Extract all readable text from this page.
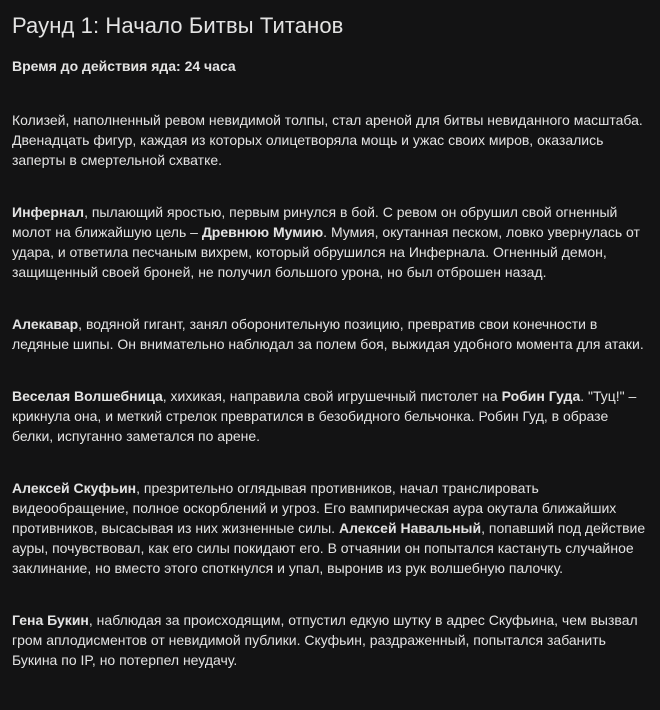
Раунд 1: Начало Битвы Титанов
Время до действия яда: 24 часа

Колизей, наполненный ревом невидимой толпы, стал ареной для битвы невиданного масштаба. Двенадцать фигур, каждая из которых олицетворяла мощь и ужас своих миров, оказались заперты в смертельной схватке.

Инфернал, пылающий яростью, первым ринулся в бой. С ревом он обрушил свой огненный молот на ближайшую цель – Древнюю Мумию. Мумия, окутанная песком, ловко увернулась от удара, и ответила песчаным вихрем, который обрушился на Инфернала. Огненный демон, защищенный своей броней, не получил большого урона, но был отброшен назад.

Алекавар, водяной гигант, занял оборонительную позицию, превратив свои конечности в ледяные шипы. Он внимательно наблюдал за полем боя, выжидая удобного момента для атаки.

Веселая Волшебница, хихикая, направила свой игрушечный пистолет на Робин Гуда. "Туц!" – крикнула она, и меткий стрелок превратился в безобидного бельчонка. Робин Гуд, в образе белки, испуганно заметался по арене.

Алексей Скуфьин, презрительно оглядывая противников, начал транслировать видеообращение, полное оскорблений и угроз. Его вампирическая аура окутала ближайших противников, высасывая из них жизненные силы. Алексей Навальный, попавший под действие ауры, почувствовал, как его силы покидают его. В отчаянии он попытался кастануть случайное заклинание, но вместо этого споткнулся и упал, выронив из рук волшебную палочку.

Гена Букин, наблюдая за происходящим, отпустил едкую шутку в адрес Скуфьина, чем вызвал гром аплодисментов от невидимой публики. Скуфьин, раздраженный, попытался забанить Букина по IP, но потерпел неудачу.
